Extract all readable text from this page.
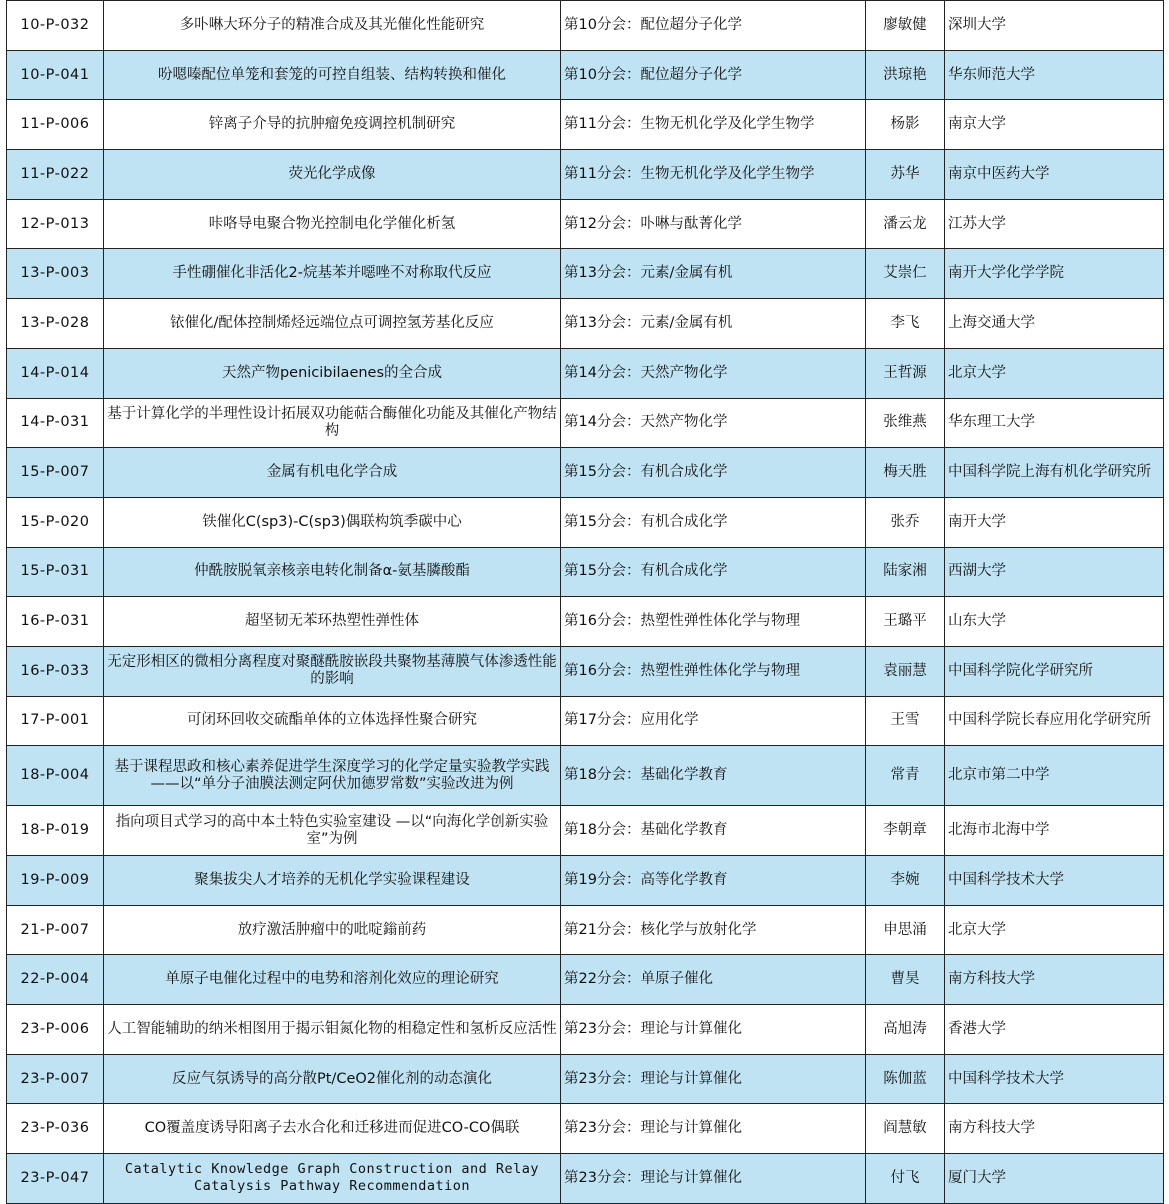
10-P-032	多卟啉大环分子的精准合成及其光催化性能研究	第10分会：配位超分子化学	廖敏健	深圳大学
10-P-041	吩嗯嗪配位单笼和套笼的可控自组装、结构转换和催化	第10分会：配位超分子化学	洪琼艳	华东师范大学
11-P-006	锌离子介导的抗肿瘤免疫调控机制研究	第11分会：生物无机化学及化学生物学	杨影	南京大学
11-P-022	荧光化学成像	第11分会：生物无机化学及化学生物学	苏华	南京中医药大学
12-P-013	咔咯导电聚合物光控制电化学催化析氢	第12分会：卟啉与酞菁化学	潘云龙	江苏大学
13-P-003	手性硼催化非活化2-烷基苯并噁唑不对称取代反应	第13分会：元素/金属有机	艾崇仁	南开大学化学学院
13-P-028	铱催化/配体控制烯烃远端位点可调控氢芳基化反应	第13分会：元素/金属有机	李飞	上海交通大学
14-P-014	天然产物penicibilaenes的全合成	第14分会：天然产物化学	王哲源	北京大学
14-P-031	基于计算化学的半理性设计拓展双功能萜合酶催化功能及其催化产物结构	第14分会：天然产物化学	张维燕	华东理工大学
15-P-007	金属有机电化学合成	第15分会：有机合成化学	梅天胜	中国科学院上海有机化学研究所
15-P-020	铁催化C(sp3)-C(sp3)偶联构筑季碳中心	第15分会：有机合成化学	张乔	南开大学
15-P-031	仲酰胺脱氧亲核亲电转化制备α-氨基膦酸酯	第15分会：有机合成化学	陆家湘	西湖大学
16-P-031	超坚韧无苯环热塑性弹性体	第16分会：热塑性弹性体化学与物理	王璐平	山东大学
16-P-033	无定形相区的微相分离程度对聚醚酰胺嵌段共聚物基薄膜气体渗透性能的影响	第16分会：热塑性弹性体化学与物理	袁丽慧	中国科学院化学研究所
17-P-001	可闭环回收交硫酯单体的立体选择性聚合研究	第17分会：应用化学	王雪	中国科学院长春应用化学研究所
18-P-004	基于课程思政和核心素养促进学生深度学习的化学定量实验教学实践——以“单分子油膜法测定阿伏加德罗常数”实验改进为例	第18分会：基础化学教育	常青	北京市第二中学
18-P-019	指向项目式学习的高中本土特色实验室建设 —以“向海化学创新实验室”为例	第18分会：基础化学教育	李朝章	北海市北海中学
19-P-009	聚集拔尖人才培养的无机化学实验课程建设	第19分会：高等化学教育	李婉	中国科学技术大学
21-P-007	放疗激活肿瘤中的吡啶鎓前药	第21分会：核化学与放射化学	申思涌	北京大学
22-P-004	单原子电催化过程中的电势和溶剂化效应的理论研究	第22分会：单原子催化	曹昊	南方科技大学
23-P-006	人工智能辅助的纳米相图用于揭示钼氮化物的相稳定性和氢析反应活性	第23分会：理论与计算催化	高旭涛	香港大学
23-P-007	反应气氛诱导的高分散Pt/CeO2催化剂的动态演化	第23分会：理论与计算催化	陈伽蓝	中国科学技术大学
23-P-036	CO覆盖度诱导阳离子去水合化和迁移进而促进CO-CO偶联	第23分会：理论与计算催化	阎慧敏	南方科技大学
23-P-047	Catalytic Knowledge Graph Construction and Relay Catalysis Pathway Recommendation	第23分会：理论与计算催化	付飞	厦门大学
